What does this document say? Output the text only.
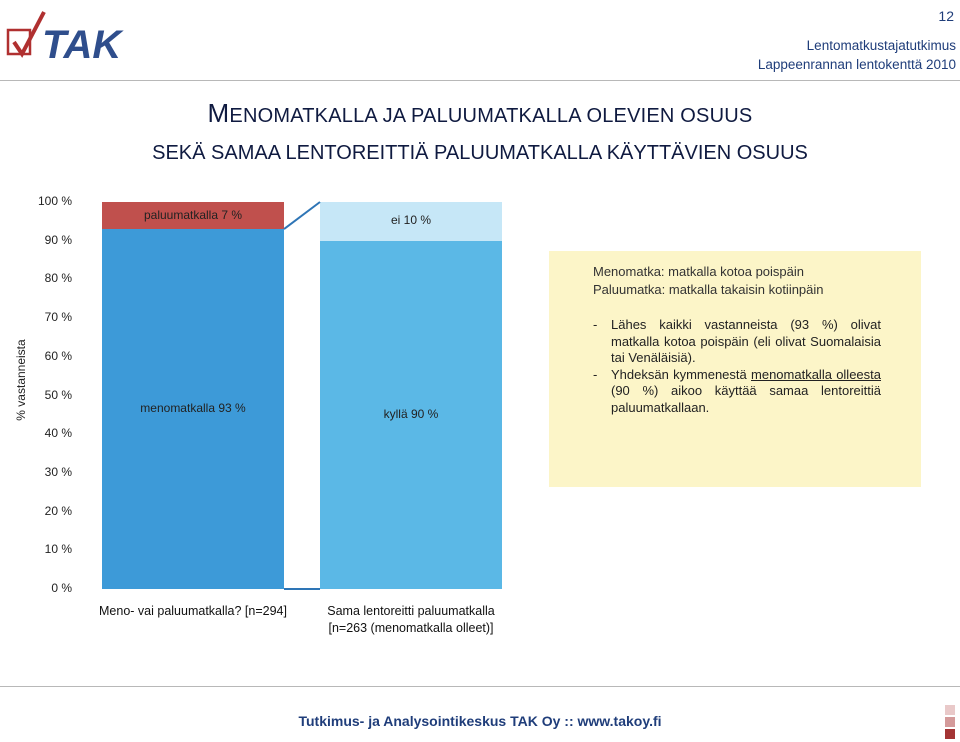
TAK
12
Lentomatkustajatutkimus
Lappeenrannan lentokenttä 2010
MENOMATKALLA JA PALUUMATKALLA OLEVIEN OSUUS
SEKÄ SAMAA LENTOREITTIÄ PALUUMATKALLA KÄYTTÄVIEN OSUUS
% vastanneista
0 %
10 %
20 %
30 %
40 %
50 %
60 %
70 %
80 %
90 %
100 %
menomatkalla 93 %
paluumatkalla 7 %
kyllä 90 %
ei 10 %
Meno- vai paluumatkalla? [n=294]	Sama lentoreitti paluumatkalla
[n=263 (menomatkalla olleet)]
Menomatka: matkalla kotoa poispäin
Paluumatka: matkalla takaisin kotiinpäin
-	Lähes kaikki vastanneista (93 %) olivat matkalla kotoa poispäin (eli olivat Suomalaisia tai Venäläisiä).
-	Yhdeksän kymmenestä menomatkalla olleesta (90 %) aikoo käyttää samaa lentoreittiä paluumatkallaan.
Tutkimus- ja Analysointikeskus TAK Oy :: www.takoy.fi
